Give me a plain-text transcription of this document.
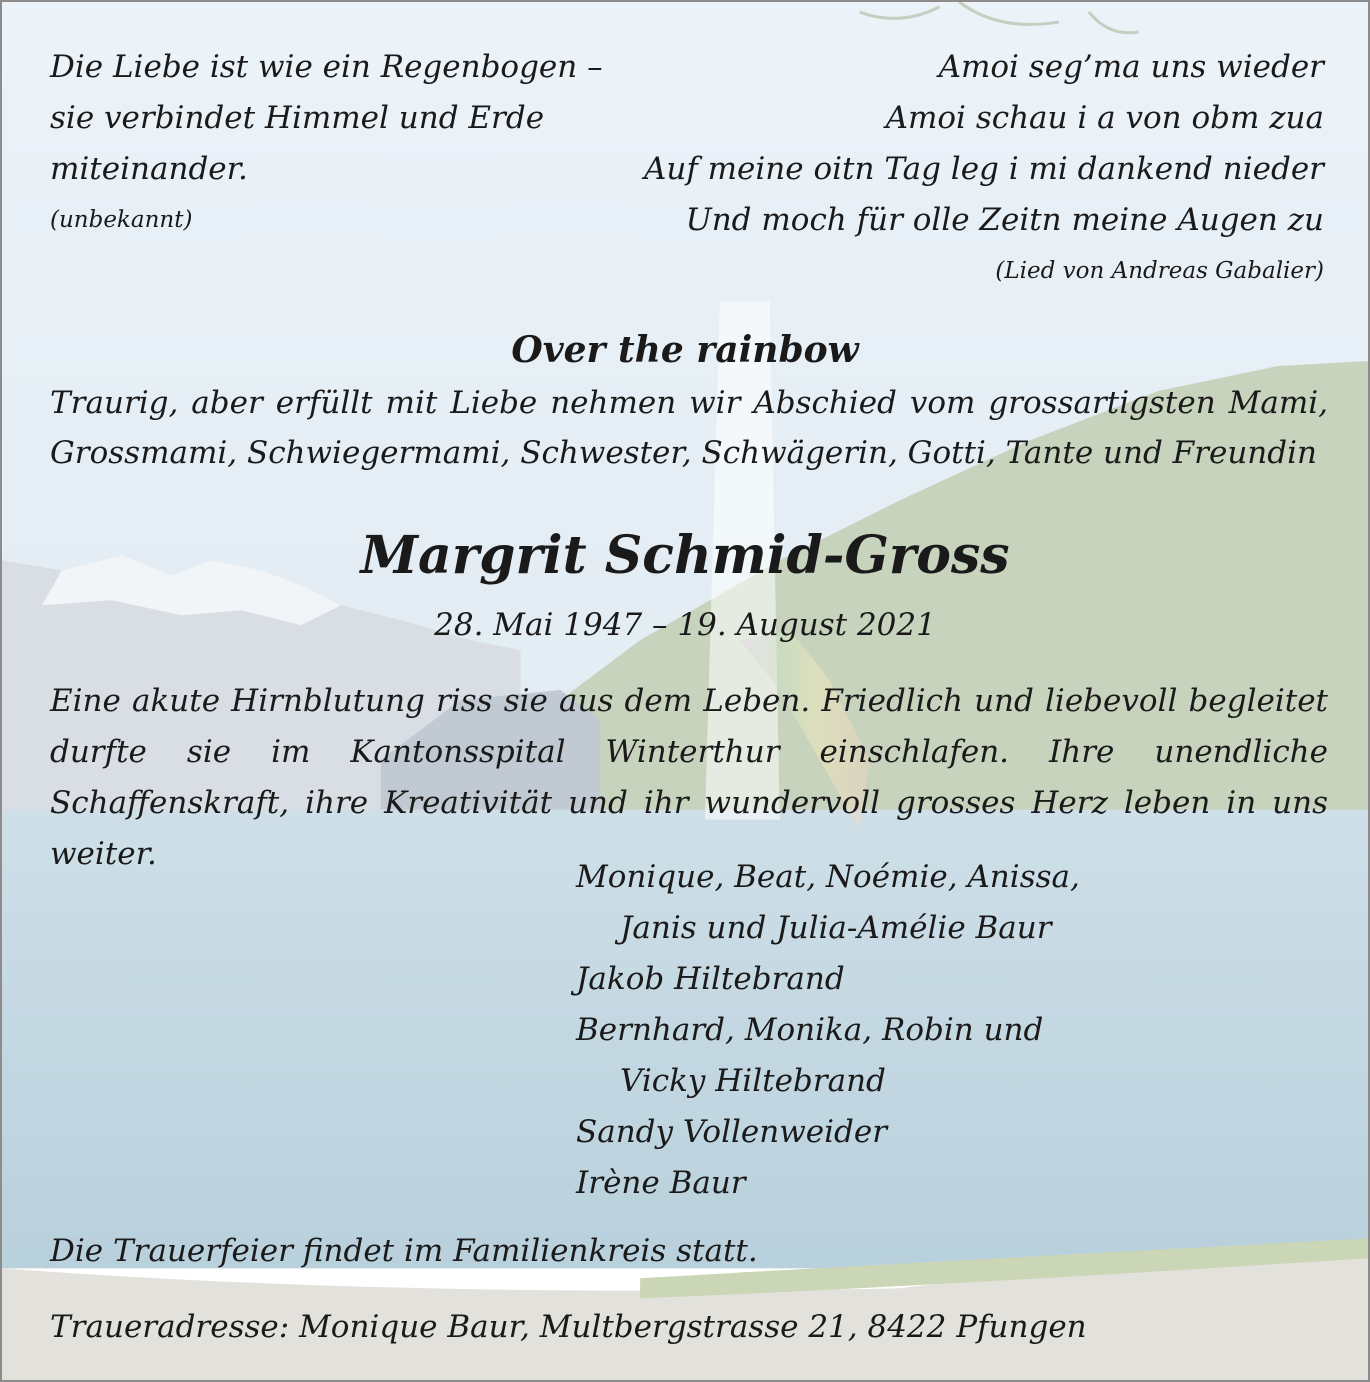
Die Liebe ist wie ein Regenbogen –
sie verbindet Himmel und Erde
miteinander.
(unbekannt)
Amoi seg’ma uns wieder
Amoi schau i a von obm zua
Auf meine oitn Tag leg i mi dankend nieder
Und moch für olle Zeitn meine Augen zu
(Lied von Andreas Gabalier)
Over the rainbow
Traurig, aber erfüllt mit Liebe nehmen wir Abschied vom grossartigsten Mami, Grossmami, Schwiegermami, Schwester, Schwägerin, Gotti, Tante und Freundin
Margrit Schmid-Gross
28. Mai 1947 – 19. August 2021
Eine akute Hirnblutung riss sie aus dem Leben. Friedlich und liebevoll begleitet durfte sie im Kantonsspital Winterthur einschlafen. Ihre unendliche Schaffenskraft, ihre Kreativität und ihr wundervoll grosses Herz leben in uns weiter.
Monique, Beat, Noémie, Anissa,
Janis und Julia-Amélie Baur
Jakob Hiltebrand
Bernhard, Monika, Robin und
Vicky Hiltebrand
Sandy Vollenweider
Irène Baur
Die Trauerfeier findet im Familienkreis statt.
Traueradresse: Monique Baur, Multbergstrasse 21, 8422 Pfungen
